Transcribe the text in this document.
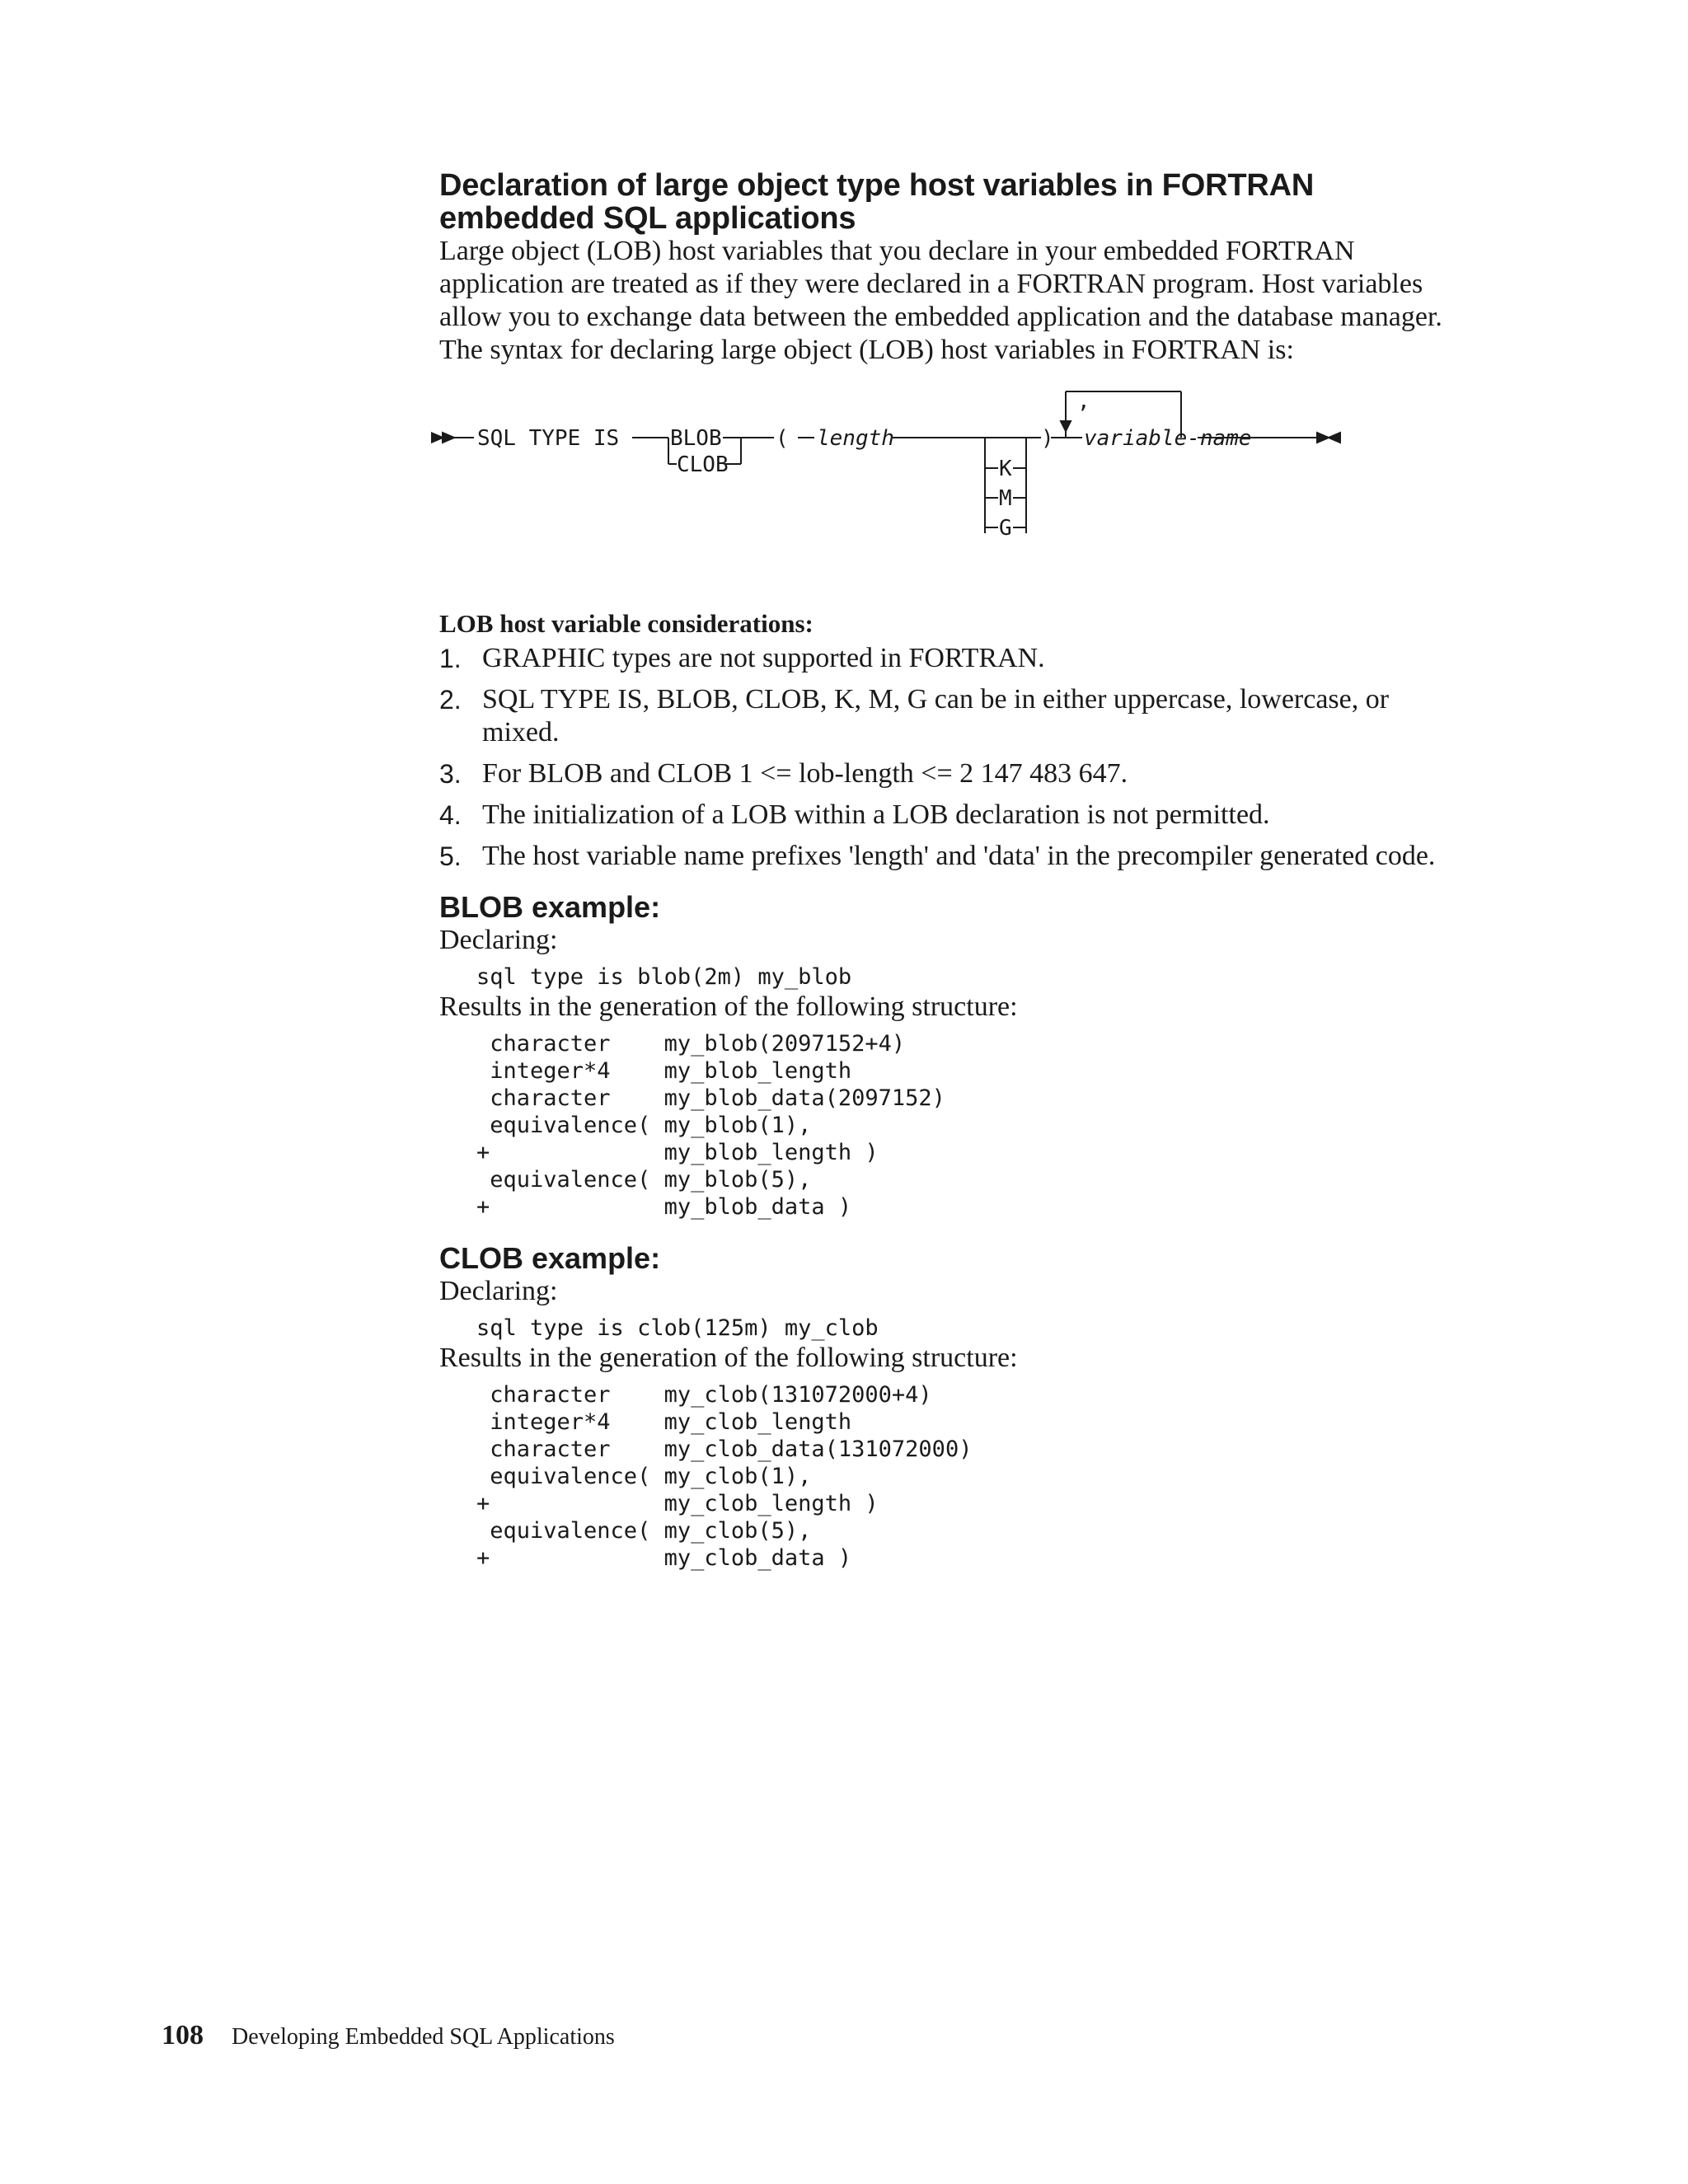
Declaration of large object type host variables in FORTRAN embedded SQL applications

Large object (LOB) host variables that you declare in your embedded FORTRAN application are treated as if they were declared in a FORTRAN program. Host variables allow you to exchange data between the embedded application and the database manager.

The syntax for declaring large object (LOB) host variables in FORTRAN is:

SQL TYPE IS BLOB
CLOB
( length
K
M
G
)
,
variable-name
LOB host variable considerations:
1. GRAPHIC types are not supported in FORTRAN.
2. SQL TYPE IS, BLOB, CLOB, K, M, G can be in either uppercase, lowercase, or mixed.
3. For BLOB and CLOB 1 <= lob-length <= 2 147 483 647.
4. The initialization of a LOB within a LOB declaration is not permitted.
5. The host variable name prefixes 'length' and 'data' in the precompiler generated code.
BLOB example:

Declaring:

sql type is blob(2m) my_blob

Results in the generation of the following structure:

character    my_blob(2097152+4)
integer*4    my_blob_length
character    my_blob_data(2097152)
equivalence( my_blob(1),
+             my_blob_length )
equivalence( my_blob(5),
+             my_blob_data )
CLOB example:

Declaring:

sql type is clob(125m) my_clob

Results in the generation of the following structure:

character    my_clob(131072000+4)
integer*4    my_clob_length
character    my_clob_data(131072000)
equivalence( my_clob(1),
+             my_clob_length )
equivalence( my_clob(5),
+             my_clob_data )
108 Developing Embedded SQL Applications
